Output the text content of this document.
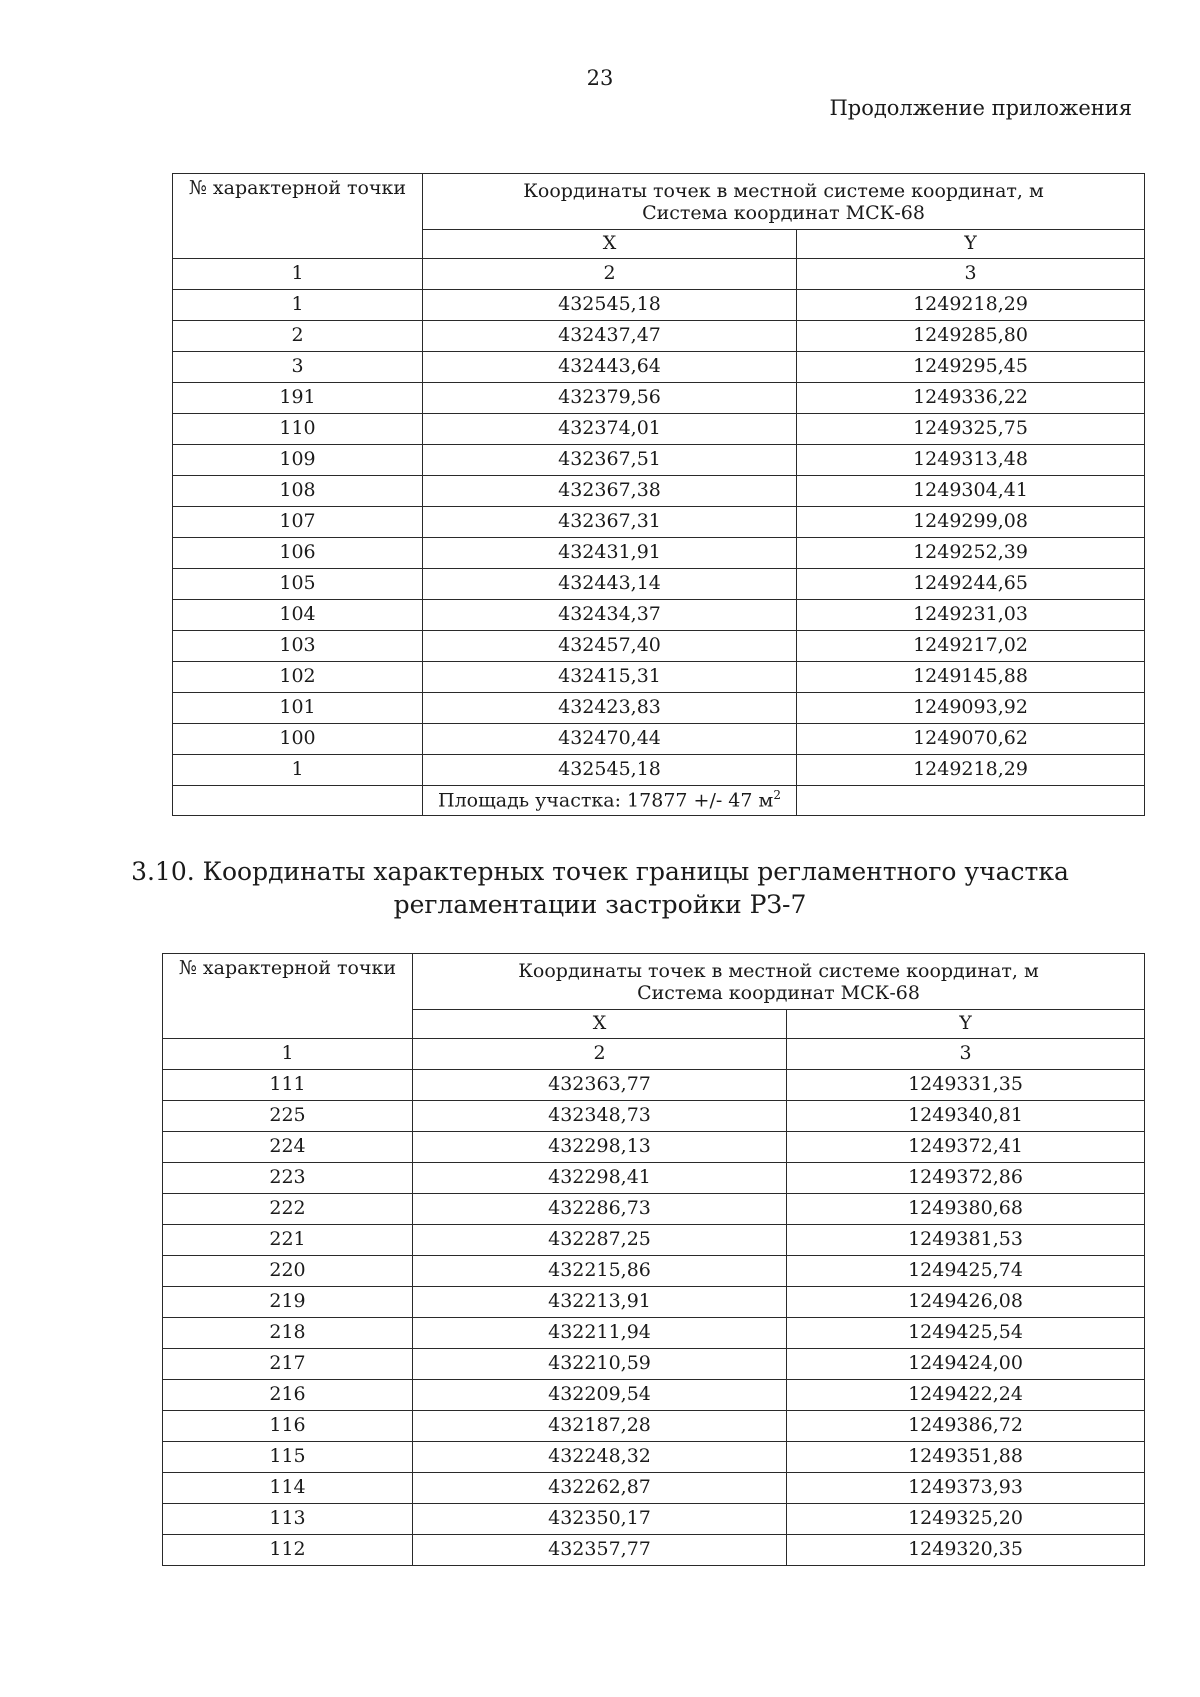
23
Продолжение приложения
№ характерной точки	Координаты точек в местной системе координат, м
Система координат МСК-68	

	X	Y
1	2	3
1	432545,18	1249218,29
2	432437,47	1249285,80
3	432443,64	1249295,45
191	432379,56	1249336,22
110	432374,01	1249325,75
109	432367,51	1249313,48
108	432367,38	1249304,41
107	432367,31	1249299,08
106	432431,91	1249252,39
105	432443,14	1249244,65
104	432434,37	1249231,03
103	432457,40	1249217,02
102	432415,31	1249145,88
101	432423,83	1249093,92
100	432470,44	1249070,62
1	432545,18	1249218,29
	Площадь участка: 17877 +/- 47 $м^2$	
3.10. Координаты характерных точек границы регламентного участка
регламентации застройки РЗ-7
№ характерной точки	Координаты точек в местной системе координат, м
Система координат МСК-68	

	X	Y
1	2	3
111	432363,77	1249331,35
225	432348,73	1249340,81
224	432298,13	1249372,41
223	432298,41	1249372,86
222	432286,73	1249380,68
221	432287,25	1249381,53
220	432215,86	1249425,74
219	432213,91	1249426,08
218	432211,94	1249425,54
217	432210,59	1249424,00
216	432209,54	1249422,24
116	432187,28	1249386,72
115	432248,32	1249351,88
114	432262,87	1249373,93
113	432350,17	1249325,20
112	432357,77	1249320,35
